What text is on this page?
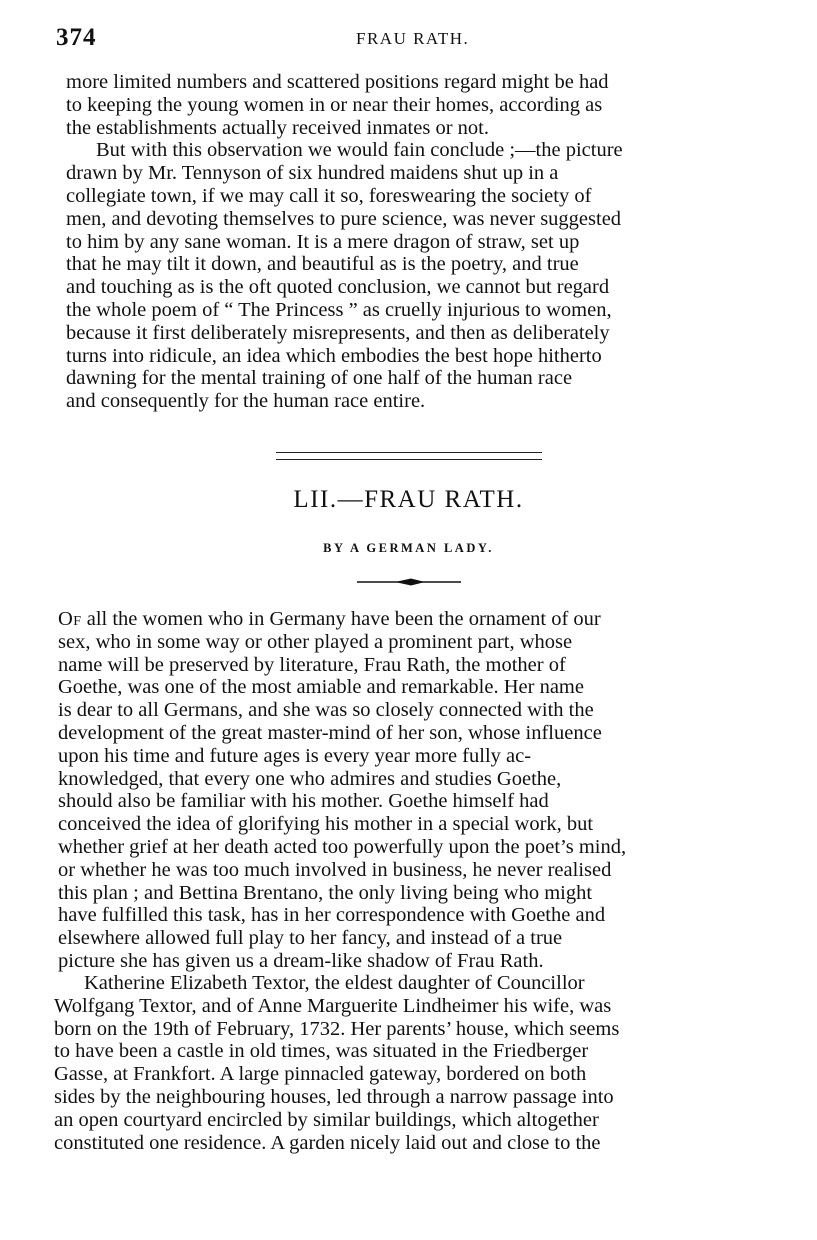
374	FRAU RATH.

more limited numbers and scattered positions regard might be had
to keeping the young women in or near their homes, according as
the establishments actually received inmates or not.
But with this observation we would fain conclude ;—the picture
drawn by Mr. Tennyson of six hundred maidens shut up in a
collegiate town, if we may call it so, foreswearing the society of
men, and devoting themselves to pure science, was never suggested
to him by any sane woman. It is a mere dragon of straw, set up
that he may tilt it down, and beautiful as is the poetry, and true
and touching as is the oft quoted conclusion, we cannot but regard
the whole poem of “ The Princess ” as cruelly injurious to women,
because it first deliberately misrepresents, and then as deliberately
turns into ridicule, an idea which embodies the best hope hitherto
dawning for the mental training of one half of the human race
and consequently for the human race entire.

LII.—FRAU RATH.
BY A GERMAN LADY.

Of all the women who in Germany have been the ornament of our
sex, who in some way or other played a prominent part, whose
name will be preserved by literature, Frau Rath, the mother of
Goethe, was one of the most amiable and remarkable. Her name
is dear to all Germans, and she was so closely connected with the
development of the great master-mind of her son, whose influence
upon his time and future ages is every year more fully ac-
knowledged, that every one who admires and studies Goethe,
should also be familiar with his mother. Goethe himself had
conceived the idea of glorifying his mother in a special work, but
whether grief at her death acted too powerfully upon the poet’s mind,
or whether he was too much involved in business, he never realised
this plan ; and Bettina Brentano, the only living being who might
have fulfilled this task, has in her correspondence with Goethe and
elsewhere allowed full play to her fancy, and instead of a true
picture she has given us a dream-like shadow of Frau Rath.

Katherine Elizabeth Textor, the eldest daughter of Councillor
Wolfgang Textor, and of Anne Marguerite Lindheimer his wife, was
born on the 19th of February, 1732. Her parents’ house, which seems
to have been a castle in old times, was situated in the Friedberger
Gasse, at Frankfort. A large pinnacled gateway, bordered on both
sides by the neighbouring houses, led through a narrow passage into
an open courtyard encircled by similar buildings, which altogether
constituted one residence. A garden nicely laid out and close to the
